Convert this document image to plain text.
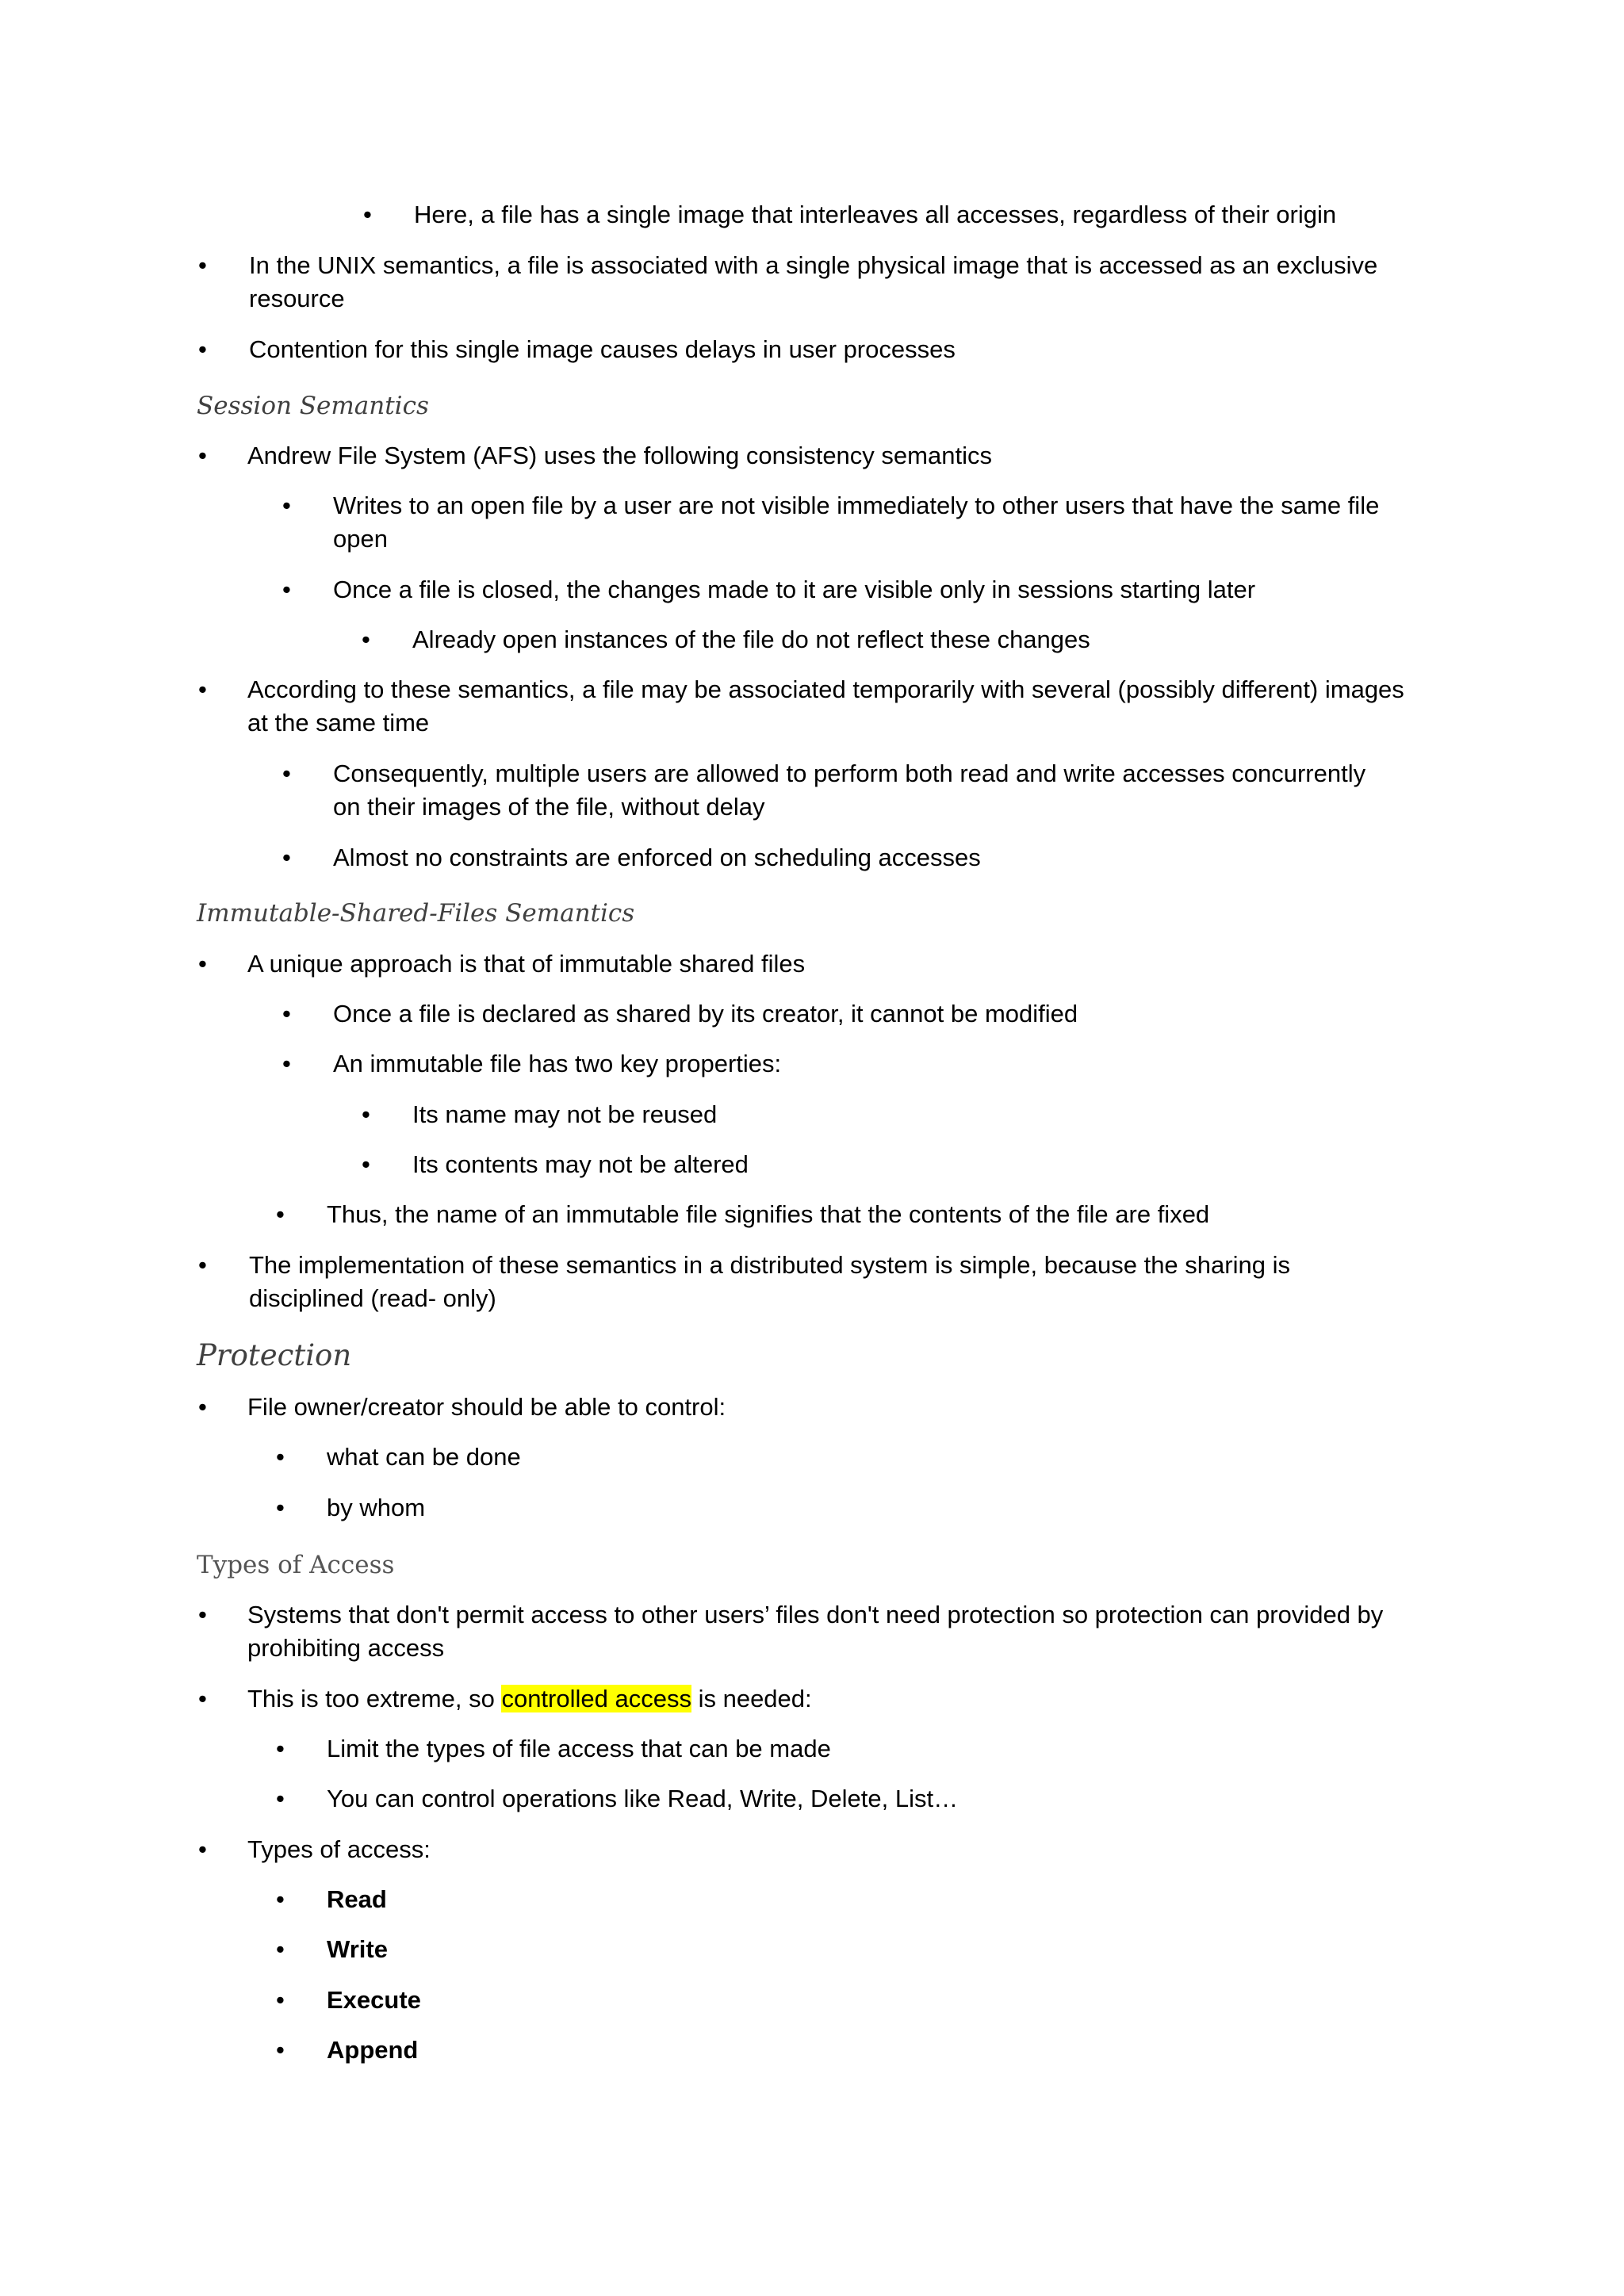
• Here, a file has a single image that interleaves all accesses, regardless of their origin
• In the UNIX semantics, a file is associated with a single physical image that is accessed as an exclusive
resource
• Contention for this single image causes delays in user processes
Session Semantics
• Andrew File System (AFS) uses the following consistency semantics
• Writes to an open file by a user are not visible immediately to other users that have the same file
open
• Once a file is closed, the changes made to it are visible only in sessions starting later
• Already open instances of the file do not reflect these changes
• According to these semantics, a file may be associated temporarily with several (possibly different) images
at the same time
• Consequently, multiple users are allowed to perform both read and write accesses concurrently
on their images of the file, without delay
• Almost no constraints are enforced on scheduling accesses
Immutable-Shared-Files Semantics
• A unique approach is that of immutable shared files
• Once a file is declared as shared by its creator, it cannot be modified
• An immutable file has two key properties:
• Its name may not be reused
• Its contents may not be altered
• Thus, the name of an immutable file signifies that the contents of the file are fixed
• The implementation of these semantics in a distributed system is simple, because the sharing is
disciplined (read- only)
Protection
• File owner/creator should be able to control:
• what can be done
• by whom
Types of Access
• Systems that don't permit access to other users’ files don't need protection so protection can provided by
prohibiting access
• This is too extreme, so controlled access is needed:
• Limit the types of file access that can be made
• You can control operations like Read, Write, Delete, List…
• Types of access:
• Read
• Write
• Execute
• Append
